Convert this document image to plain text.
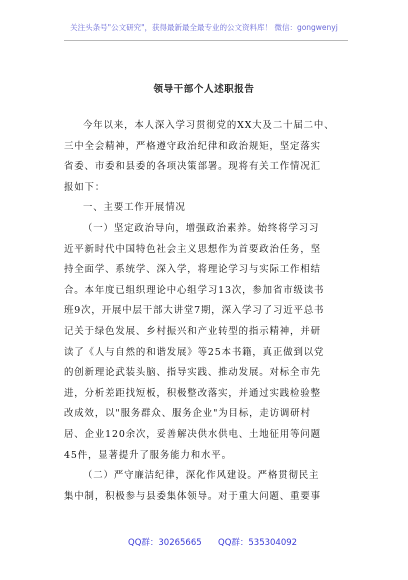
关注头条号"公文研究"，获得最新最全最专业的公文资料库！ 微信：gongwenyj
领导干部个人述职报告
今年以来，本人深入学习贯彻党的XX大及二十届二中、
三中全会精神，严格遵守政治纪律和政治规矩，坚定落实
省委、市委和县委的各项决策部署。现将有关工作情况汇
报如下：
一、主要工作开展情况
（一）坚定政治导向，增强政治素养。始终将学习习
近平新时代中国特色社会主义思想作为首要政治任务，坚
持全面学、系统学、深入学，将理论学习与实际工作相结
合。本年度已组织理论中心组学习13次，参加省市级读书
班9次，开展中层干部大讲堂7期，深入学习了习近平总书
记关于绿色发展、乡村振兴和产业转型的指示精神，并研
读了《人与自然的和谐发展》等25本书籍，真正做到以党
的创新理论武装头脑、指导实践、推动发展。对标全市先
进，分析差距找短板，积极整改落实，并通过实践检验整
改成效，以"服务群众、服务企业"为目标，走访调研村
居、企业120余次，妥善解决供水供电、土地征用等问题
45件，显著提升了服务能力和水平。
（二）严守廉洁纪律，深化作风建设。严格贯彻民主
集中制，积极参与县委集体领导。对于重大问题、重要事
QQ群：30265665 QQ群：535304092
